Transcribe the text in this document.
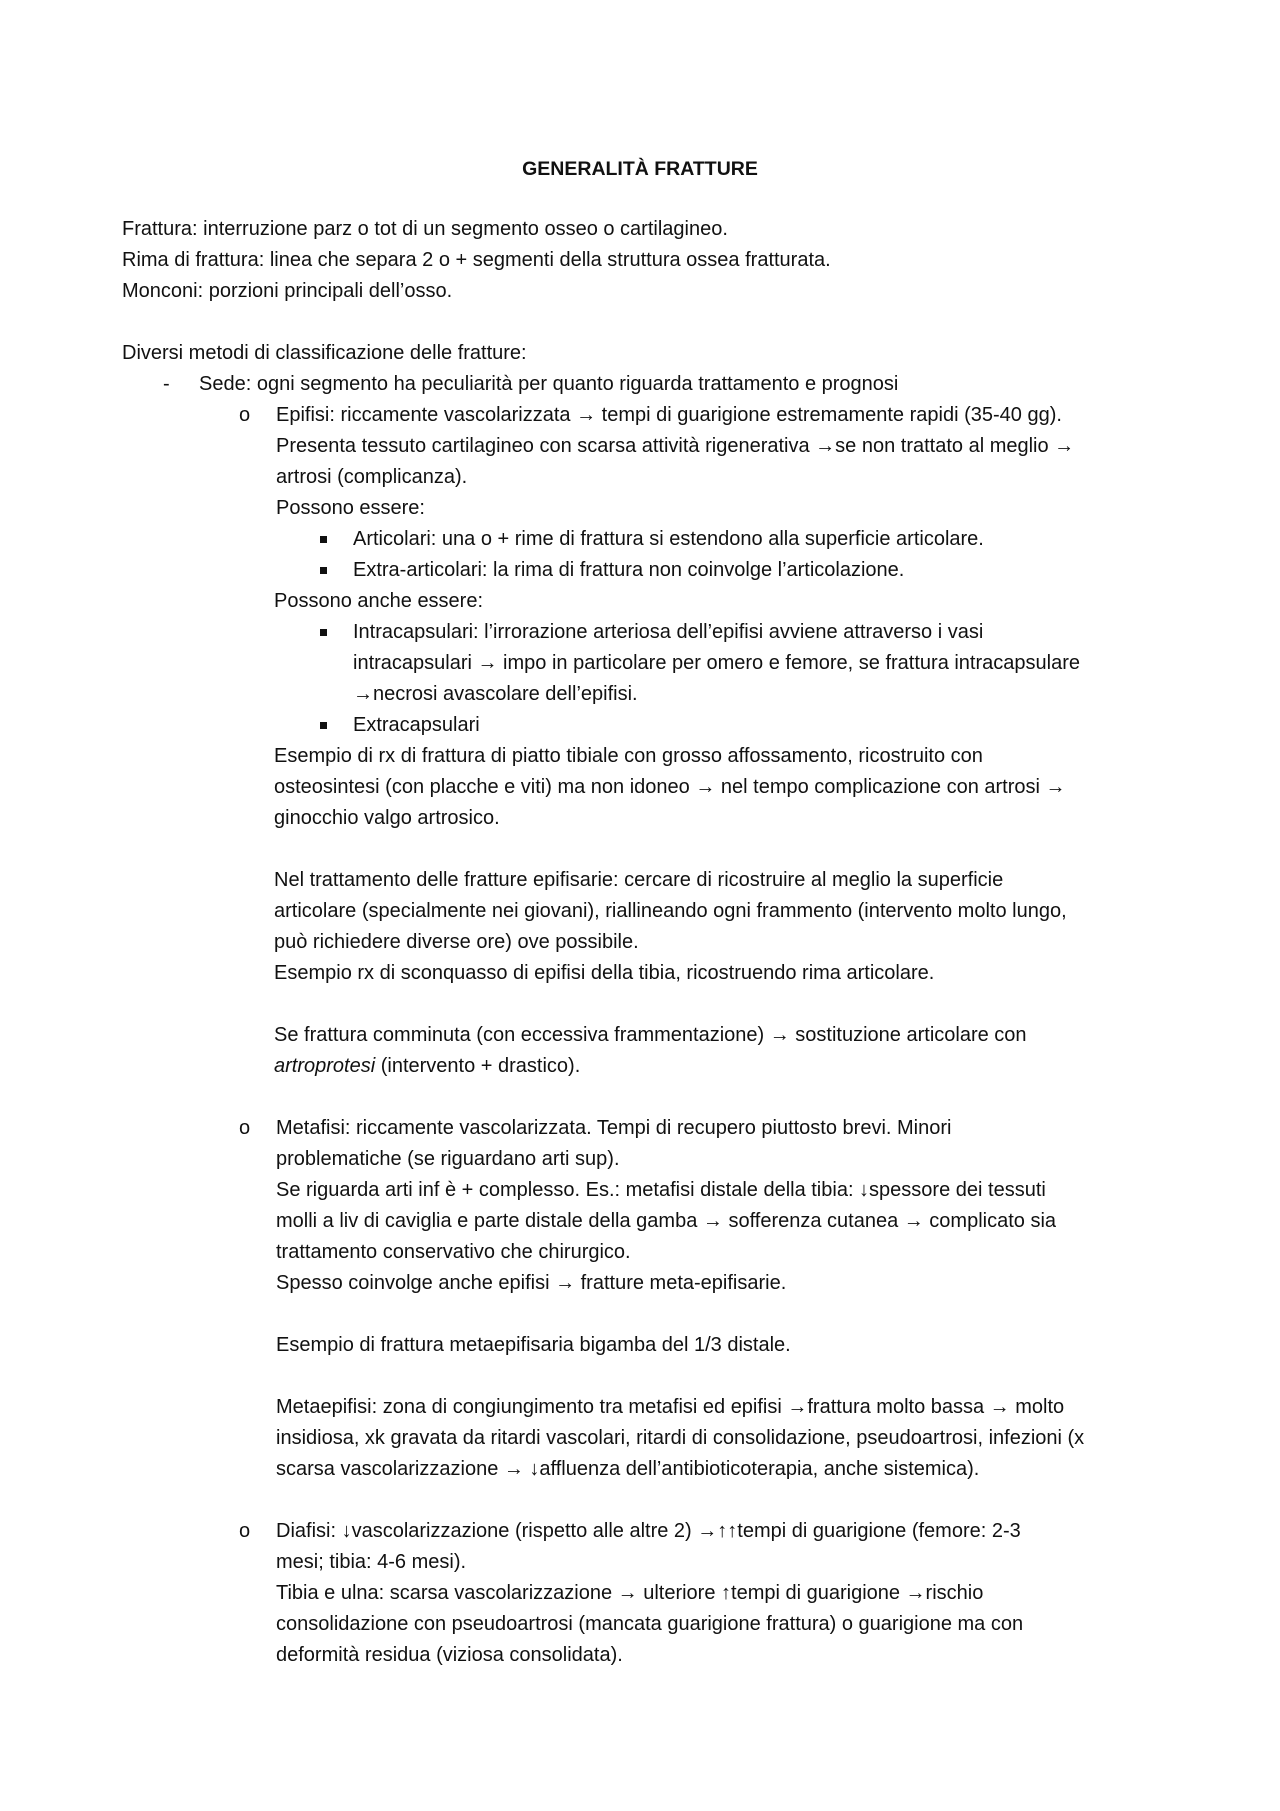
GENERALITÀ FRATTURE
Frattura: interruzione parz o tot di un segmento osseo o cartilagineo.
Rima di frattura: linea che separa 2 o + segmenti della struttura ossea fratturata.
Monconi: porzioni principali dell’osso.
Diversi metodi di classificazione delle fratture:
- Sede: ogni segmento ha peculiarità per quanto riguarda trattamento e prognosi
o Epifisi: riccamente vascolarizzata → tempi di guarigione estremamente rapidi (35-40 gg).
Presenta tessuto cartilagineo con scarsa attività rigenerativa →se non trattato al meglio →
artrosi (complicanza).
Possono essere:
Articolari: una o + rime di frattura si estendono alla superficie articolare.
Extra-articolari: la rima di frattura non coinvolge l’articolazione.
Possono anche essere:
Intracapsulari: l’irrorazione arteriosa dell’epifisi avviene attraverso i vasi
intracapsulari → impo in particolare per omero e femore, se frattura intracapsulare
→necrosi avascolare dell’epifisi.
Extracapsulari
Esempio di rx di frattura di piatto tibiale con grosso affossamento, ricostruito con
osteosintesi (con placche e viti) ma non idoneo → nel tempo complicazione con artrosi →
ginocchio valgo artrosico.
Nel trattamento delle fratture epifisarie: cercare di ricostruire al meglio la superficie
articolare (specialmente nei giovani), riallineando ogni frammento (intervento molto lungo,
può richiedere diverse ore) ove possibile.
Esempio rx di sconquasso di epifisi della tibia, ricostruendo rima articolare.
Se frattura comminuta (con eccessiva frammentazione) → sostituzione articolare con
artroprotesi (intervento + drastico).
o Metafisi: riccamente vascolarizzata. Tempi di recupero piuttosto brevi. Minori
problematiche (se riguardano arti sup).
Se riguarda arti inf è + complesso. Es.: metafisi distale della tibia: ↓spessore dei tessuti
molli a liv di caviglia e parte distale della gamba → sofferenza cutanea → complicato sia
trattamento conservativo che chirurgico.
Spesso coinvolge anche epifisi → fratture meta-epifisarie.
Esempio di frattura metaepifisaria bigamba del 1/3 distale.
Metaepifisi: zona di congiungimento tra metafisi ed epifisi →frattura molto bassa → molto
insidiosa, xk gravata da ritardi vascolari, ritardi di consolidazione, pseudoartrosi, infezioni (x
scarsa vascolarizzazione → ↓affluenza dell’antibioticoterapia, anche sistemica).
o Diafisi: ↓vascolarizzazione (rispetto alle altre 2) →↑↑tempi di guarigione (femore: 2-3
mesi; tibia: 4-6 mesi).
Tibia e ulna: scarsa vascolarizzazione → ulteriore ↑tempi di guarigione →rischio
consolidazione con pseudoartrosi (mancata guarigione frattura) o guarigione ma con
deformità residua (viziosa consolidata).
